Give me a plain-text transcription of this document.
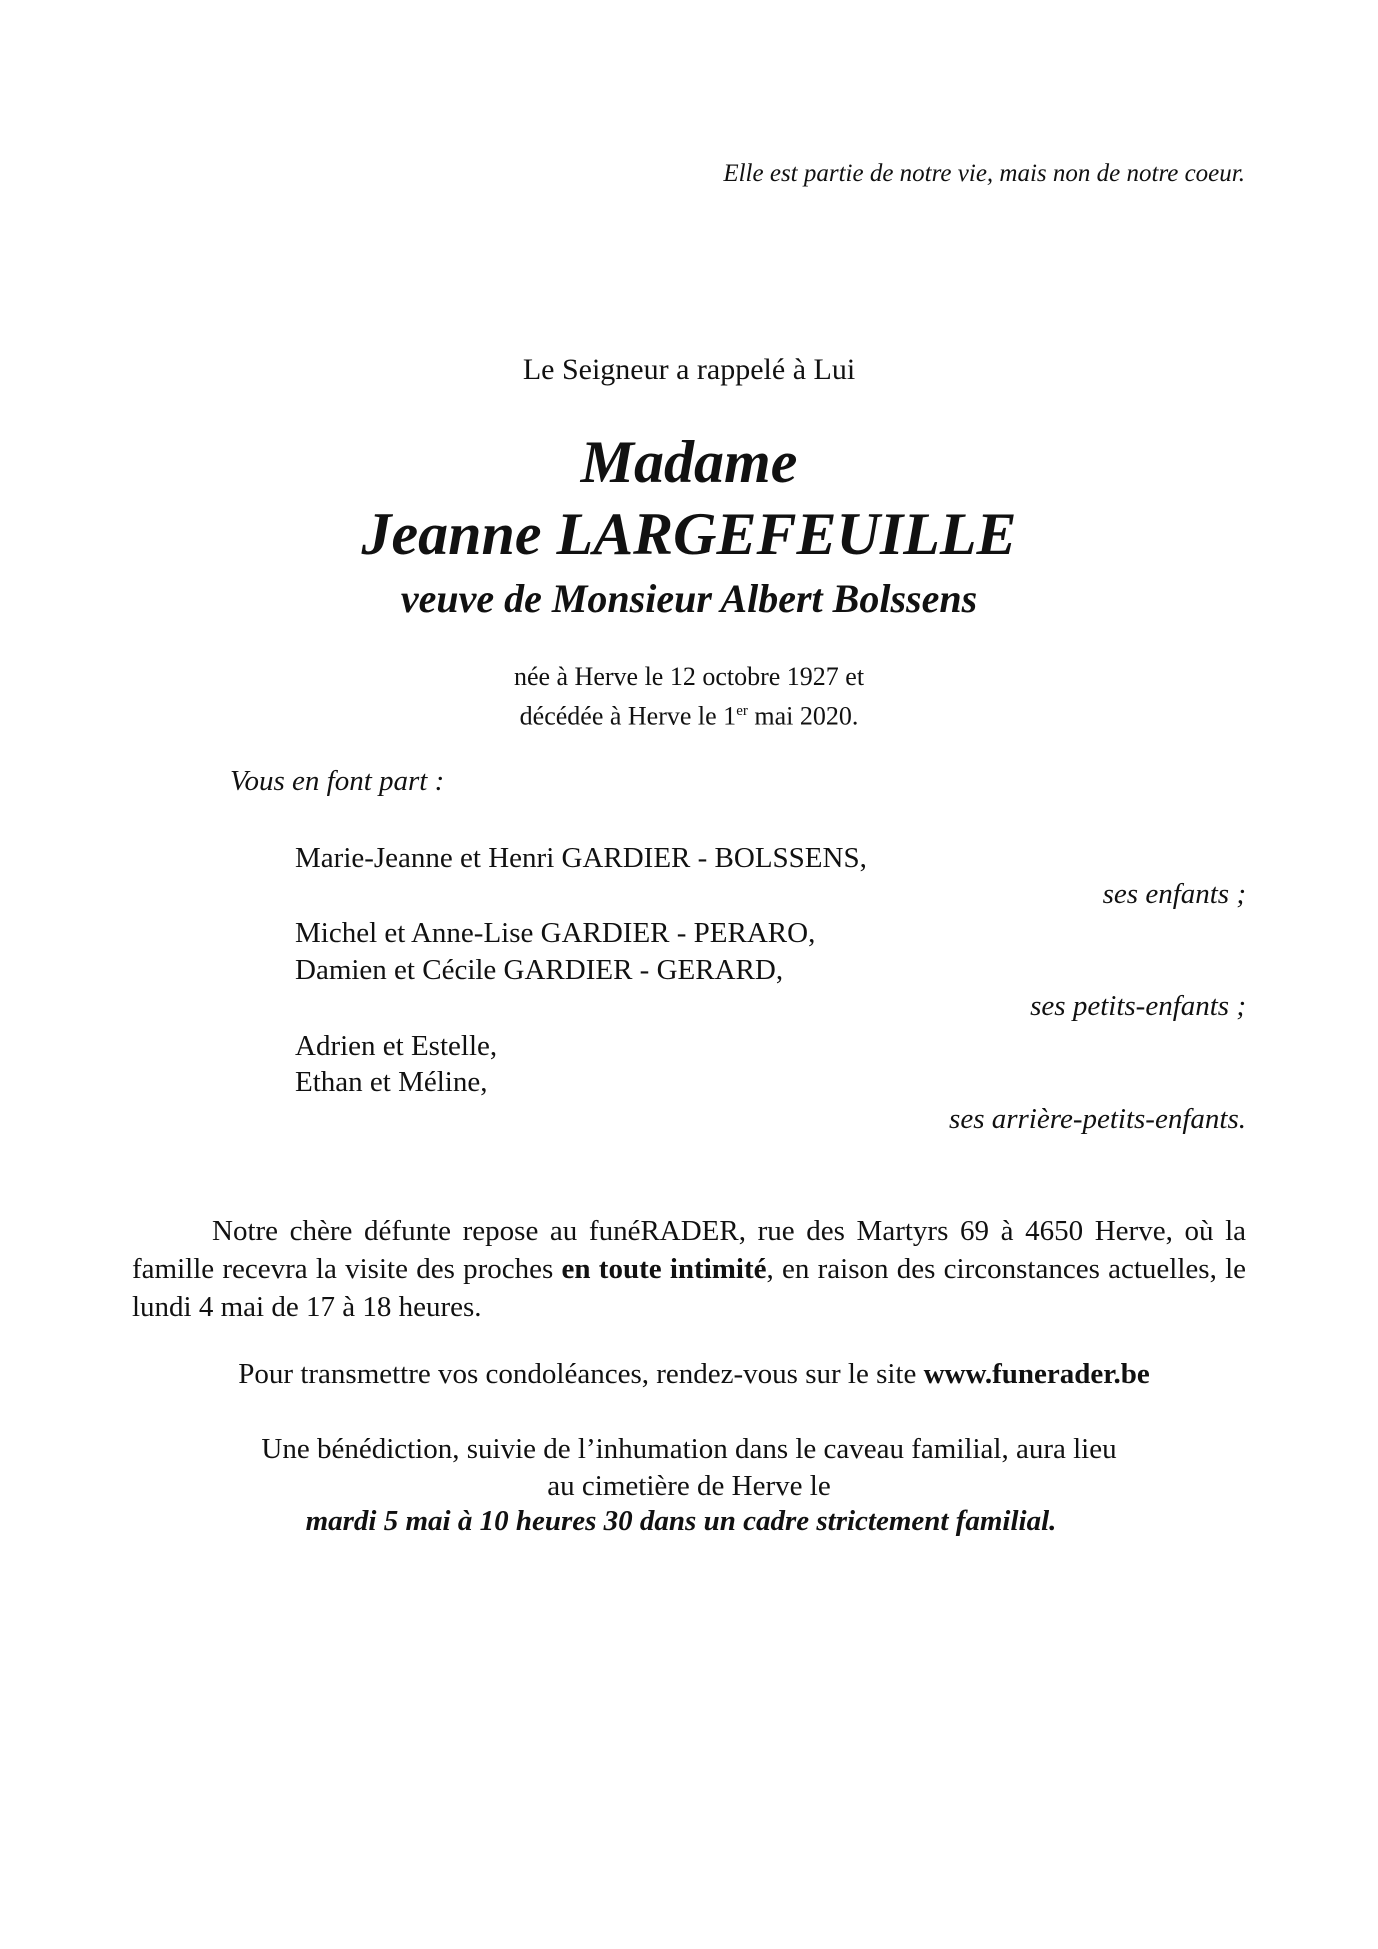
Elle est partie de notre vie, mais non de notre coeur.

Le Seigneur a rappelé à Lui

Madame

Jeanne LARGEFEUILLE

veuve de Monsieur Albert Bolssens

née à Herve le 12 octobre 1927 et
décédée à Herve le 1er mai 2020.

Vous en font part :

Marie-Jeanne et Henri GARDIER - BOLSSENS,

ses enfants ;

Michel et Anne-Lise GARDIER - PERARO,

Damien et Cécile GARDIER - GERARD,

ses petits-enfants ;

Adrien et Estelle,

Ethan et Méline,

ses arrière-petits-enfants.

Notre chère défunte repose au funéRADER, rue des Martyrs 69 à 4650 Herve, où la famille recevra la visite des proches en toute intimité, en raison des circonstances actuelles, le lundi 4 mai de 17 à 18 heures.

Pour transmettre vos condoléances, rendez-vous sur le site www.funerader.be

Une bénédiction, suivie de l’inhumation dans le caveau familial, aura lieu

au cimetière de Herve le

mardi 5 mai à 10 heures 30 dans un cadre strictement familial.
